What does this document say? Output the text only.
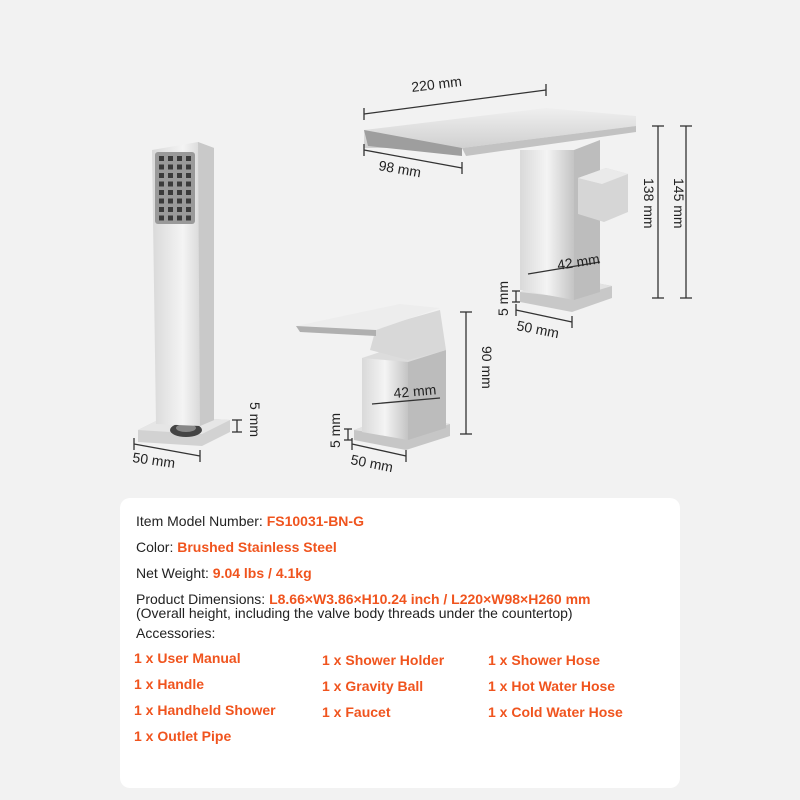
220 mm
98 mm
138 mm 145 mm
42 mm
5 mm
50 mm
90 mm
42 mm
5 mm
50 mm
5 mm
50 mm
Item Model Number: FS10031-BN-G
Color: Brushed Stainless Steel
Net Weight: 9.04 lbs / 4.1kg
Product Dimensions: L8.66×W3.86×H10.24 inch / L220×W98×H260 mm
(Overall height, including the valve body threads under the countertop)
Accessories:
1 x User Manual
1 x Handle
1 x Handheld Shower
1 x Outlet Pipe
1 x Shower Holder
1 x Gravity Ball
1 x Faucet
1 x Shower Hose
1 x Hot Water Hose
1 x Cold Water Hose
